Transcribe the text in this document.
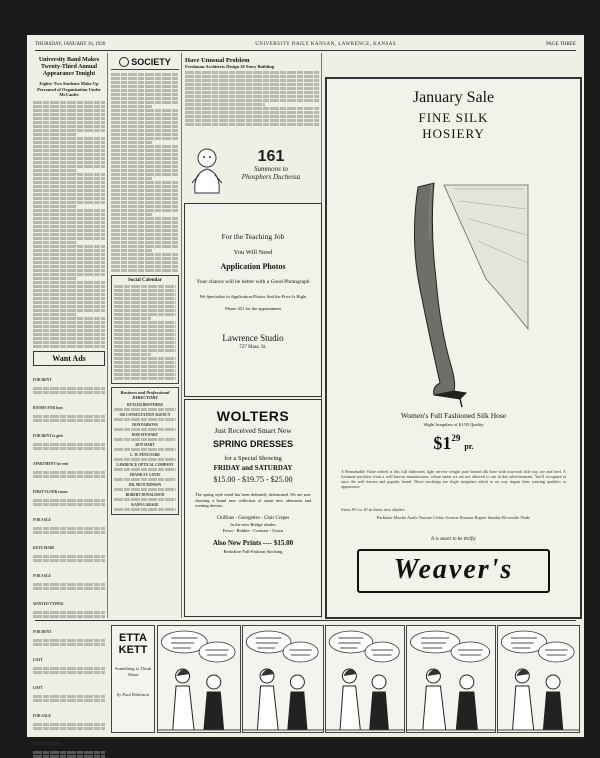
THURSDAY, JANUARY 16, 1936	UNIVERSITY DAILY KANSAN, LAWRENCE, KANSAS	PAGE THREE
University Band Makes Twenty-Third Annual Appearance Tonight
Eighty-Two Students Make Up Personnel of Organization Under McCanles
Want Ads
FOR RENT
ROOMS FOR boys
FOR RENT to girls
APARTMENT for rent
FIRST FLOOR rooms
FOR SALE
KEYS MADE
FOR SALE
WANTED TYPING
FOR RENT
LOST
LOST
FOR SALE
TYPEWRITERS
SOCIETY
Social Calendar
Business and Professional DIRECTORY
BUTLER BROTHERS
OR CONSULTATION AGENCY
DON PARSONS
BOB STEWART
ROY HART
L. W. PENCOARD
LAWRENCE OPTICAL COMPANY
FRANK ST. LOUIS
DR. MUTCHINSON
ROBERT DONALDSON
KANN-LARAGE
Have Unusual Problem
Freshman Architects Design 20 Story Building
161
Summons to
Phosphers Duchessa
For the Teaching Job
You Will Need
Application Photos
Your chance will be better with a Good Photograph
We Specialize in Application Photos And the Price Is Right
Phone 451 for the appointment
Lawrence Studio
727 Mass. St.
WOLTERS
Just Received Smart New
SPRING DRESSES
for a Special Showing
FRIDAY and SATURDAY
$15.00 - $19.75 - $25.00
The spring style trend has been definitely determined. We are now showing a brand new collection of smart new afternoon and evening dresses.
Chiffons - Georgettes - Cloir Crepes
In the new Bridge shades
Fawn - Robbie - Contrast - Gown
Also New Prints ---- $15.00
Berkshire Full-Fashion Stocking
January Sale
FINE SILK
HOSIERY
Women's Full Fashioned Silk Hose
Slight Irregulars of $1.95 Quality
$\$1^{29}$ pr.
A Remarkable Value indeed is this full fashioned, light service weight pure thread silk hose with four-inch lisle top, toe and heel. A fortunate purchase from a well known manufacturer, whose name we are not allowed to use in this advertisement. You'll recognize at once the well known and popular brand. These stockings are slight irregulars which in no way impair their wearing qualities or appearance.
Sizes 8½ to 10 in these new shades:
Parklane Moche Azalo Nutone Cedar Avenue Illusion Rapier Sundus Riverside Nude
It is smart to be thrifty
Weaver's
ETTA KETT
Something to Think About
by Paul Robinson
